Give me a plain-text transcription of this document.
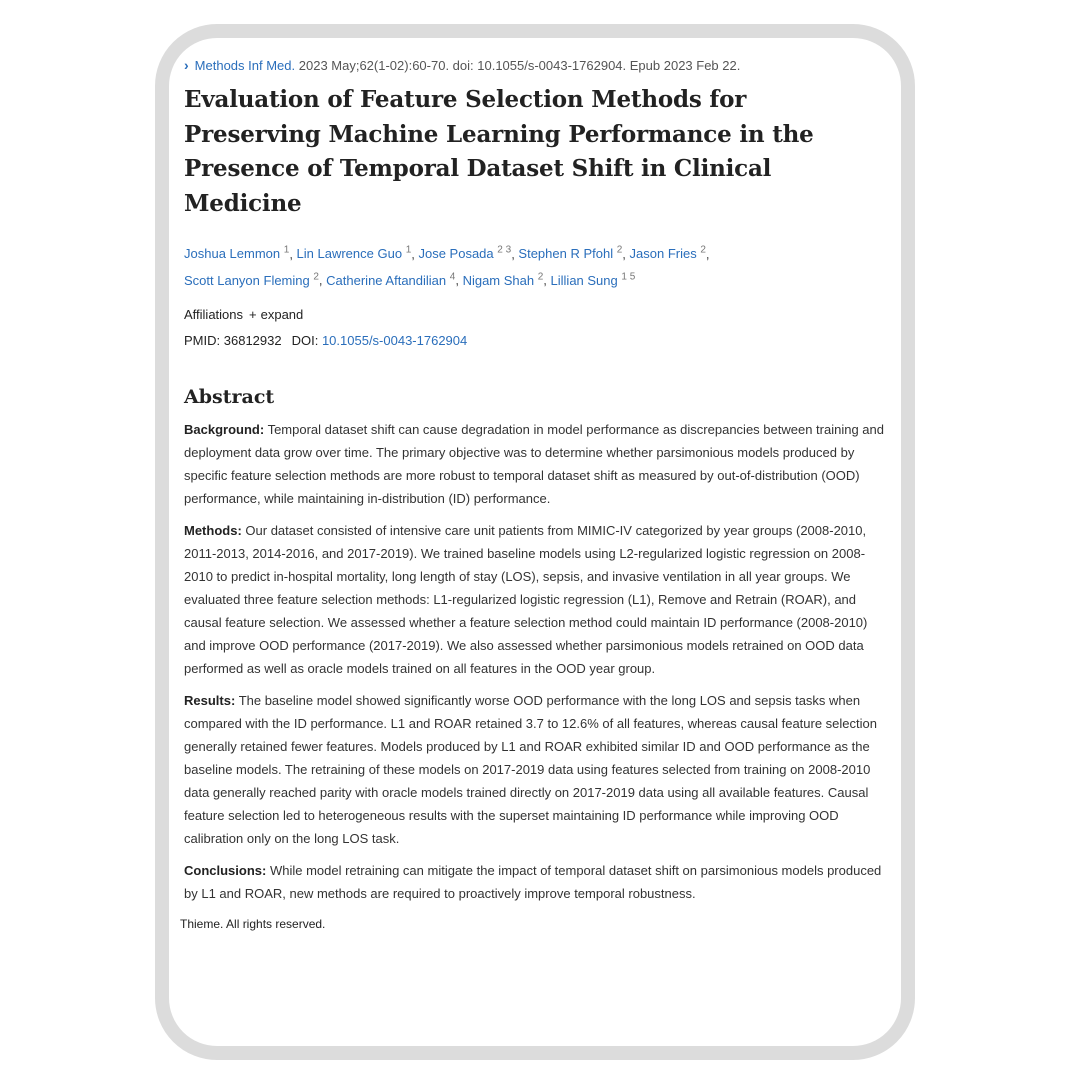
› Methods Inf Med. 2023 May;62(1-02):60-70. doi: 10.1055/s-0043-1762904. Epub 2023 Feb 22.
Evaluation of Feature Selection Methods for Preserving Machine Learning Performance in the Presence of Temporal Dataset Shift in Clinical Medicine
Joshua Lemmon $^1$, Lin Lawrence Guo $^1$, Jose Posada $^{2 3}$, Stephen R Pfohl $^2$, Jason Fries $^2$,
Scott Lanyon Fleming $^2$, Catherine Aftandilian $^4$, Nigam Shah $^2$, Lillian Sung $^{1 5}$
Affiliations + expand
PMID: 36812932 DOI: 10.1055/s-0043-1762904
Abstract

Background: Temporal dataset shift can cause degradation in model performance as discrepancies between training and deployment data grow over time. The primary objective was to determine whether parsimonious models produced by specific feature selection methods are more robust to temporal dataset shift as measured by out-of-distribution (OOD) performance, while maintaining in-distribution (ID) performance.

Methods: Our dataset consisted of intensive care unit patients from MIMIC-IV categorized by year groups (2008-2010, 2011-2013, 2014-2016, and 2017-2019). We trained baseline models using L2-regularized logistic regression on 2008-2010 to predict in-hospital mortality, long length of stay (LOS), sepsis, and invasive ventilation in all year groups. We evaluated three feature selection methods: L1-regularized logistic regression (L1), Remove and Retrain (ROAR), and causal feature selection. We assessed whether a feature selection method could maintain ID performance (2008-2010) and improve OOD performance (2017-2019). We also assessed whether parsimonious models retrained on OOD data performed as well as oracle models trained on all features in the OOD year group.

Results: The baseline model showed significantly worse OOD performance with the long LOS and sepsis tasks when compared with the ID performance. L1 and ROAR retained 3.7 to 12.6% of all features, whereas causal feature selection generally retained fewer features. Models produced by L1 and ROAR exhibited similar ID and OOD performance as the baseline models. The retraining of these models on 2017-2019 data using features selected from training on 2008-2010 data generally reached parity with oracle models trained directly on 2017-2019 data using all available features. Causal feature selection led to heterogeneous results with the superset maintaining ID performance while improving OOD calibration only on the long LOS task.

Conclusions: While model retraining can mitigate the impact of temporal dataset shift on parsimonious models produced by L1 and ROAR, new methods are required to proactively improve temporal robustness.

Thieme. All rights reserved.
